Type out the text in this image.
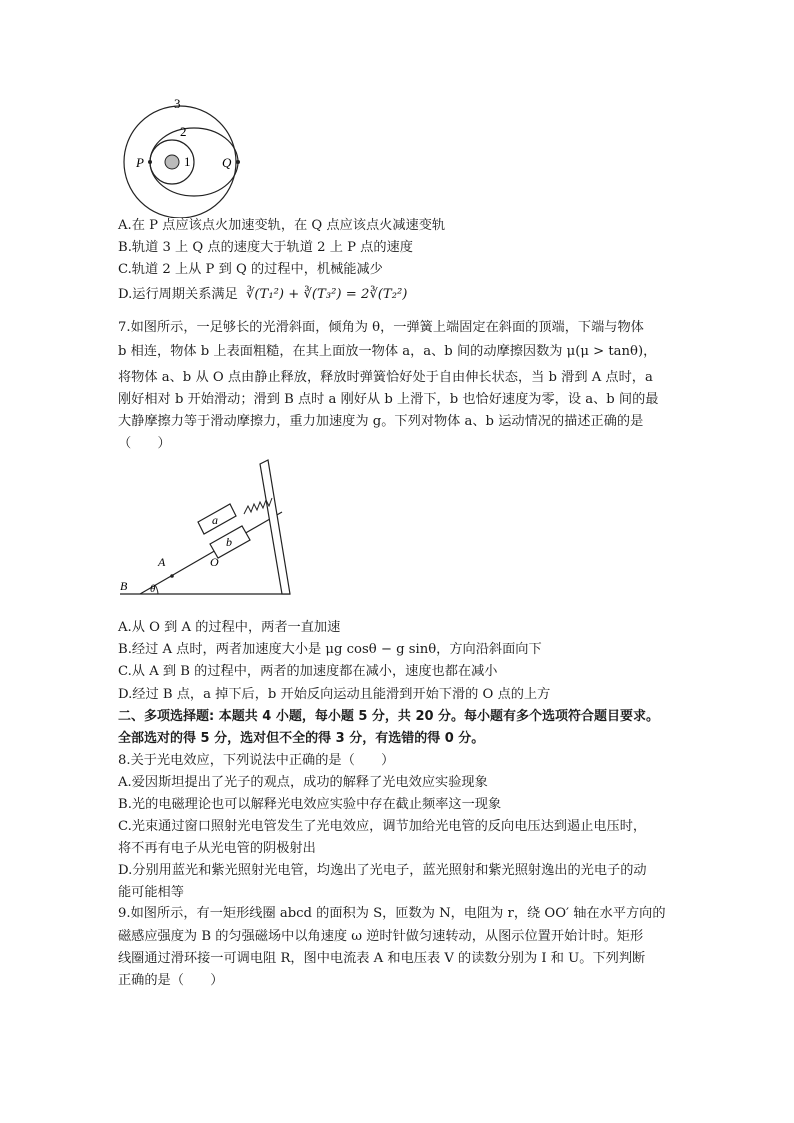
3
2
1
P	Q
A.在 P 点应该点火加速变轨，在 Q 点应该点火减速变轨
B.轨道 3 上 Q 点的速度大于轨道 2 上 P 点的速度
C.轨道 2 上从 P 到 Q 的过程中，机械能减少
D.运行周期关系满足 ∛(T₁²) + ∛(T₃²) = 2∛(T₂²)
7.如图所示，一足够长的光滑斜面，倾角为 θ，一弹簧上端固定在斜面的顶端，下端与物体
b 相连，物体 b 上表面粗糙，在其上面放一物体 a，a、b 间的动摩擦因数为 μ(μ > tanθ)，
将物体 a、b 从 O 点由静止释放，释放时弹簧恰好处于自由伸长状态，当 b 滑到 A 点时，a
刚好相对 b 开始滑动；滑到 B 点时 a 刚好从 b 上滑下，b 也恰好速度为零，设 a、b 间的最
大静摩擦力等于滑动摩擦力，重力加速度为 g。下列对物体 a、b 运动情况的描述正确的是
（　　）
a
b
A	O
B θ
A.从 O 到 A 的过程中，两者一直加速
B.经过 A 点时，两者加速度大小是 μg cosθ − g sinθ，方向沿斜面向下
C.从 A 到 B 的过程中，两者的加速度都在减小，速度也都在减小
D.经过 B 点，a 掉下后，b 开始反向运动且能滑到开始下滑的 O 点的上方
二、多项选择题: 本题共 4 小题，每小题 5 分，共 20 分。每小题有多个选项符合题目要求。
全部选对的得 5 分，选对但不全的得 3 分，有选错的得 0 分。
8.关于光电效应，下列说法中正确的是（　　）
A.爱因斯坦提出了光子的观点，成功的解释了光电效应实验现象
B.光的电磁理论也可以解释光电效应实验中存在截止频率这一现象
C.光束通过窗口照射光电管发生了光电效应，调节加给光电管的反向电压达到遏止电压时，
将不再有电子从光电管的阴极射出
D.分别用蓝光和紫光照射光电管，均逸出了光电子，蓝光照射和紫光照射逸出的光电子的动
能可能相等
9.如图所示，有一矩形线圈 abcd 的面积为 S，匝数为 N，电阻为 r，绕 OO′ 轴在水平方向的
磁感应强度为 B 的匀强磁场中以角速度 ω 逆时针做匀速转动，从图示位置开始计时。矩形
线圈通过滑环接一可调电阻 R，图中电流表 A 和电压表 V 的读数分别为 I 和 U。下列判断
正确的是（　　）
